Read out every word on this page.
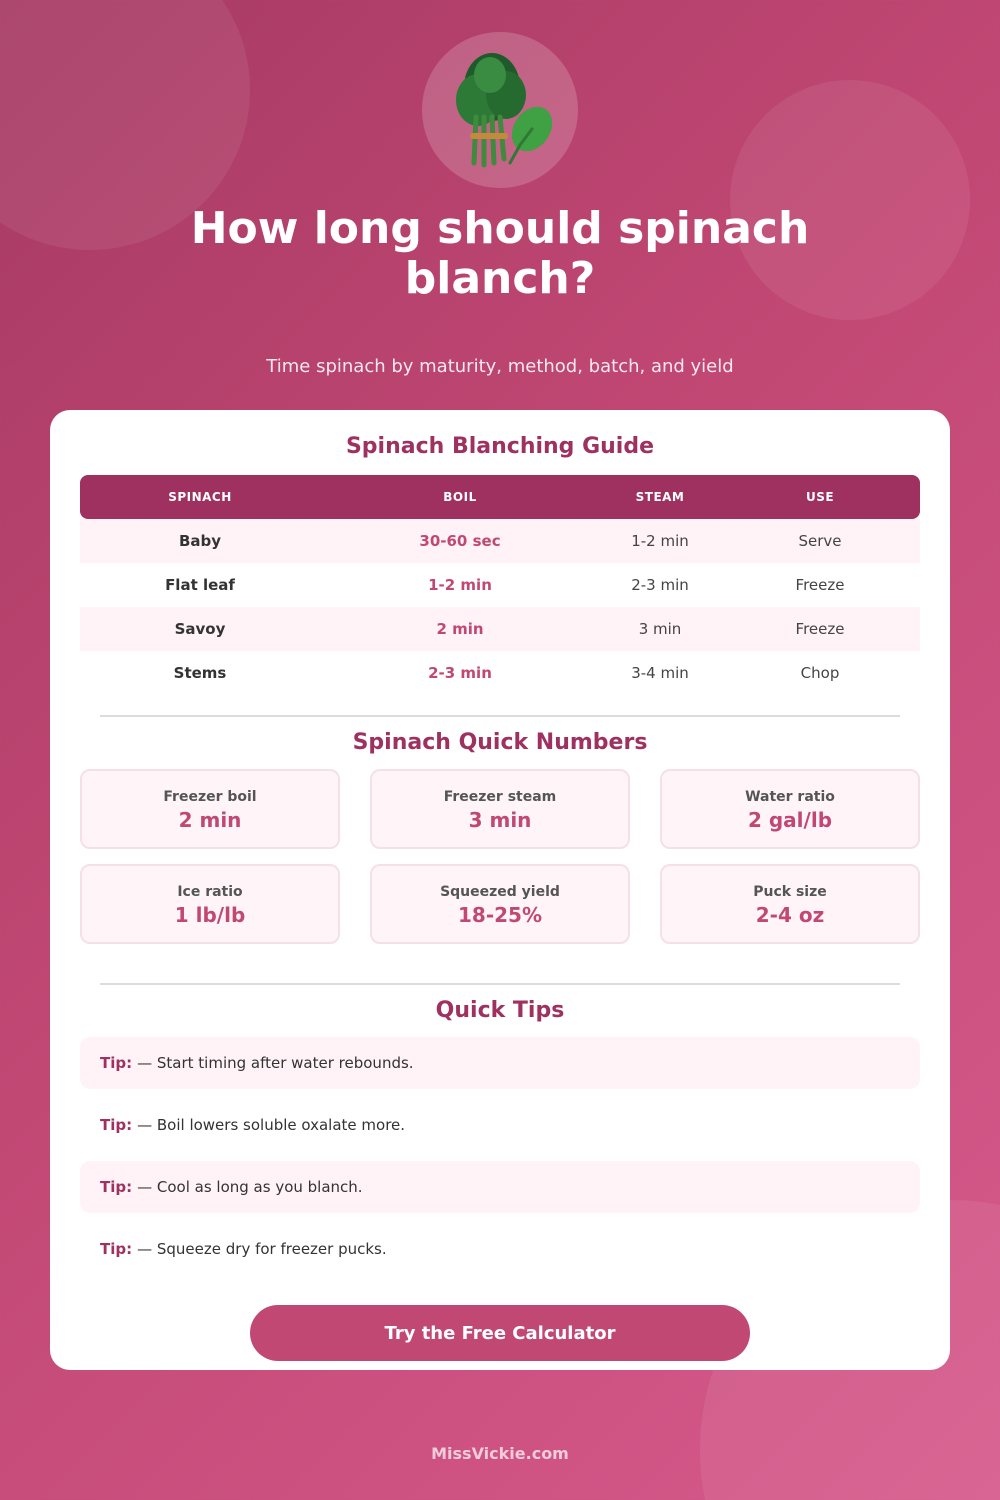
How long should spinach blanch?
Time spinach by maturity, method, batch, and yield
Spinach Blanching Guide
SPINACH	BOIL	STEAM	USE
Baby	30-60 sec	1-2 min	Serve
Flat leaf	1-2 min	2-3 min	Freeze
Savoy	2 min	3 min	Freeze
Stems	2-3 min	3-4 min	Chop
Spinach Quick Numbers
Freezer boil
2 min
Freezer steam
3 min
Water ratio
2 gal/lb
Ice ratio
1 lb/lb
Squeezed yield
18-25%
Puck size
2-4 oz
Quick Tips
Tip: — Start timing after water rebounds.
Tip: — Boil lowers soluble oxalate more.
Tip: — Cool as long as you blanch.
Tip: — Squeeze dry for freezer pucks.
Try the Free Calculator
MissVickie.com
